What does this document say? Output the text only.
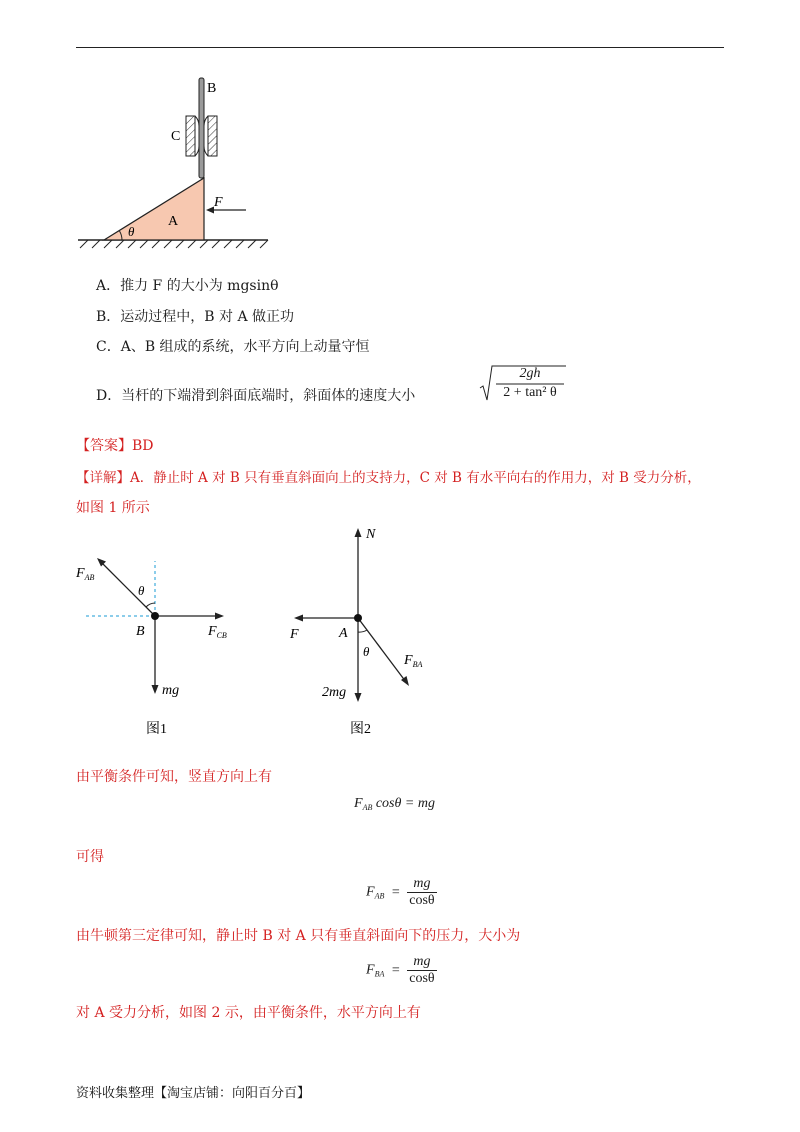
B
C
A
F
θ
A．推力 F 的大小为 mgsinθ
B．运动过程中，B 对 A 做正功
C．A、B 组成的系统，水平方向上动量守恒
D．当杆的下端滑到斜面底端时，斜面体的速度大小
2gh
2 + tan² θ
【答案】BD
【详解】A．静止时 A 对 B 只有垂直斜面向上的支持力，C 对 B 有水平向右的作用力，对 B 受力分析，
如图 1 所示
$F_{AB}$
θ
B	$F_{CB}$
mg
图1
N
F	A
θ
$F_{BA}$
2mg
图2
由平衡条件可知，竖直方向上有
$F_{AB}$ cosθ = mg
可得
$F_{AB} = \frac{mg}{\cos\theta}$
由牛顿第三定律可知，静止时 B 对 A 只有垂直斜面向下的压力，大小为
$F_{BA} = \frac{mg}{\cos\theta}$
对 A 受力分析，如图 2 示，由平衡条件，水平方向上有
资料收集整理【淘宝店铺：向阳百分百】
